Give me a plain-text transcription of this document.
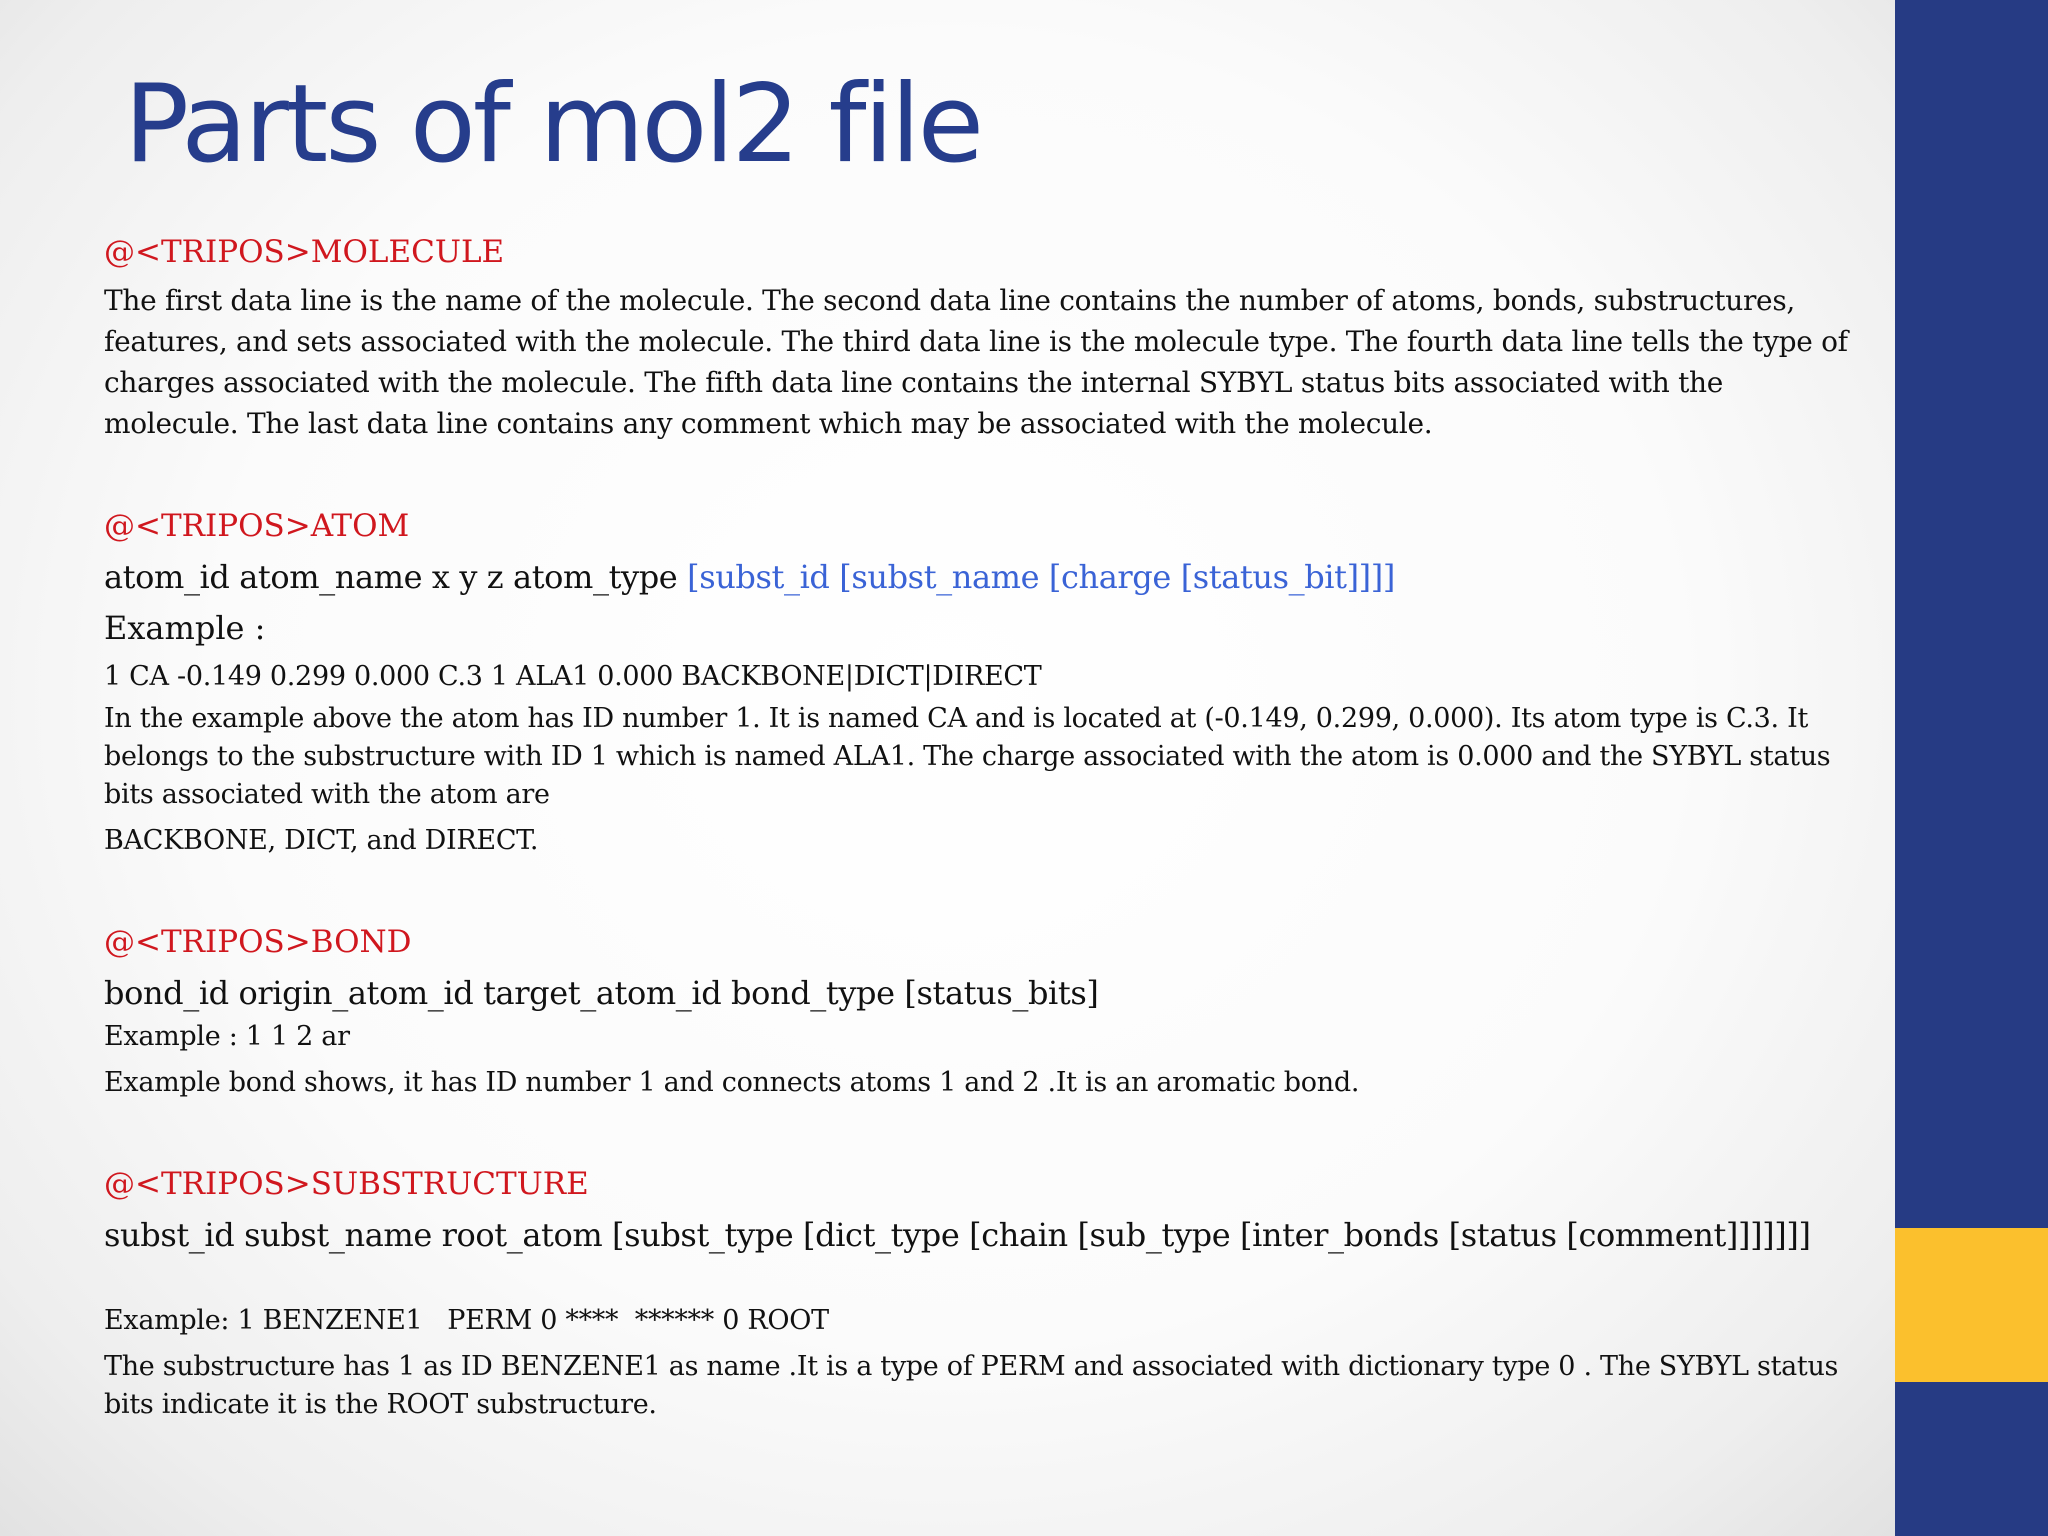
Parts of mol2 file
@<TRIPOS>MOLECULE
The first data line is the name of the molecule. The second data line contains the number of atoms, bonds, substructures, features, and sets associated with the molecule. The third data line is the molecule type. The fourth data line tells the type of charges associated with the molecule. The fifth data line contains the internal SYBYL status bits associated with the molecule. The last data line contains any comment which may be associated with the molecule.
@<TRIPOS>ATOM
atom_id atom_name x y z atom_type [subst_id [subst_name [charge [status_bit]]]]
Example :
1 CA -0.149 0.299 0.000 C.3 1 ALA1 0.000 BACKBONE|DICT|DIRECT
In the example above the atom has ID number 1. It is named CA and is located at (-0.149, 0.299, 0.000). Its atom type is C.3. It belongs to the substructure with ID 1 which is named ALA1. The charge associated with the atom is 0.000 and the SYBYL status bits associated with the atom are
BACKBONE, DICT, and DIRECT.
@<TRIPOS>BOND
bond_id origin_atom_id target_atom_id bond_type [status_bits]
Example : 1 1 2 ar
Example bond shows, it has ID number 1 and connects atoms 1 and 2 .It is an aromatic bond.
@<TRIPOS>SUBSTRUCTURE
subst_id subst_name root_atom [subst_type [dict_type [chain [sub_type [inter_bonds [status [comment]]]]]]]
Example: 1 BENZENE1   PERM 0 ****  ****** 0 ROOT
The substructure has 1 as ID BENZENE1 as name .It is a type of PERM and associated with dictionary type 0 . The SYBYL status bits indicate it is the ROOT substructure.
